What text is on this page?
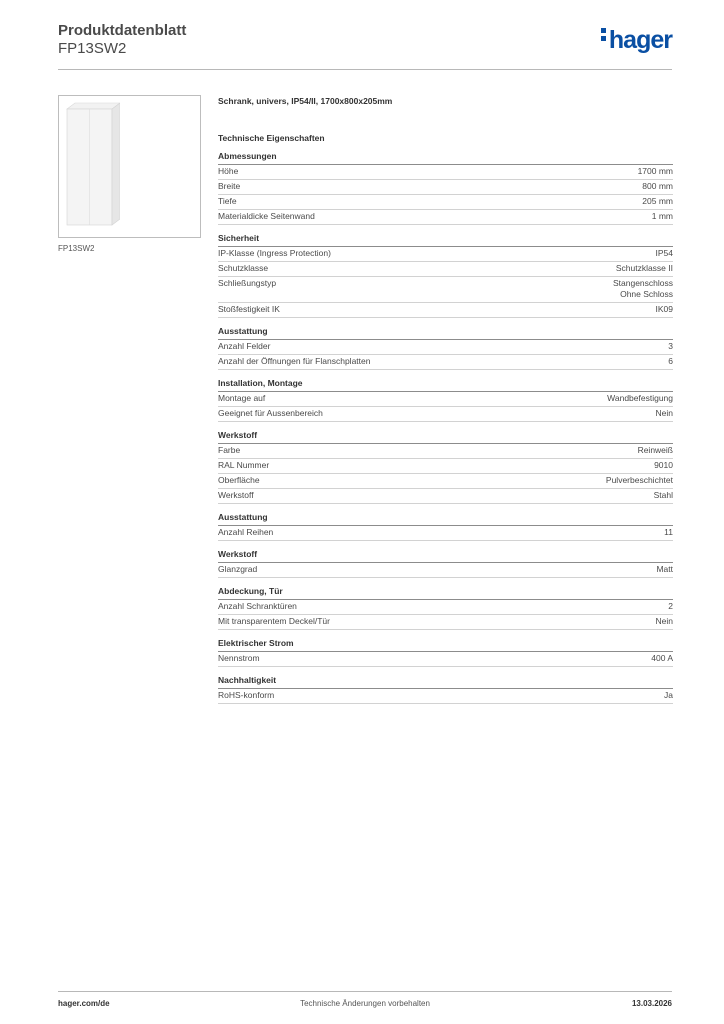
Produktdatenblatt
FP13SW2	hager
FP13SW2
Schrank, univers, IP54/II, 1700x800x205mm
Technische Eigenschaften
Abmessungen
Höhe	1700 mm
Breite	800 mm
Tiefe	205 mm
Materialdicke Seitenwand	1 mm
Sicherheit
IP-Klasse (Ingress Protection)	IP54
Schutzklasse	Schutzklasse II
Schließungstyp	Stangenschloss
Ohne Schloss
Stoßfestigkeit IK	IK09
Ausstattung
Anzahl Felder	3
Anzahl der Öffnungen für Flanschplatten	6
Installation, Montage
Montage auf	Wandbefestigung
Geeignet für Aussenbereich	Nein
Werkstoff
Farbe	Reinweiß
RAL Nummer	9010
Oberfläche	Pulverbeschichtet
Werkstoff	Stahl
Ausstattung
Anzahl Reihen	11
Werkstoff
Glanzgrad	Matt
Abdeckung, Tür
Anzahl Schranktüren	2
Mit transparentem Deckel/Tür	Nein
Elektrischer Strom
Nennstrom	400 A
Nachhaltigkeit
RoHS-konform	Ja
hager.com/de	Technische Änderungen vorbehalten	13.03.2026
